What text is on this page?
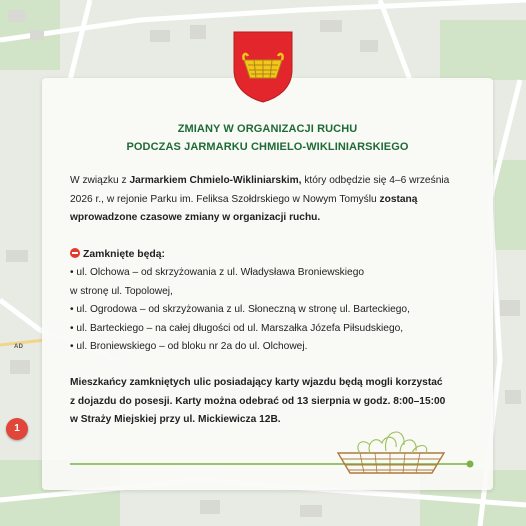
AD
ZMIANY W ORGANIZACJI RUCHU
PODCZAS JARMARKU CHMIELO-WIKLINIARSKIEGO
W związku z Jarmarkiem Chmielo-Wikliniarskim, który odbędzie się 4–6 września
2026 r., w rejonie Parku im. Feliksa Szołdrskiego w Nowym Tomyślu zostaną
wprowadzone czasowe zmiany w organizacji ruchu.
Zamknięte będą:
• ul. Olchowa – od skrzyżowania z ul. Władysława Broniewskiego
w stronę ul. Topolowej,
• ul. Ogrodowa – od skrzyżowania z ul. Słoneczną w stronę ul. Barteckiego,
• ul. Barteckiego – na całej długości od ul. Marszałka Józefa Piłsudskiego,
• ul. Broniewskiego – od bloku nr 2a do ul. Olchowej.
Mieszkańcy zamkniętych ulic posiadający karty wjazdu będą mogli korzystać
z dojazdu do posesji. Karty można odebrać od 13 sierpnia w godz. 8:00–15:00
w Straży Miejskiej przy ul. Mickiewicza 12B.
1
